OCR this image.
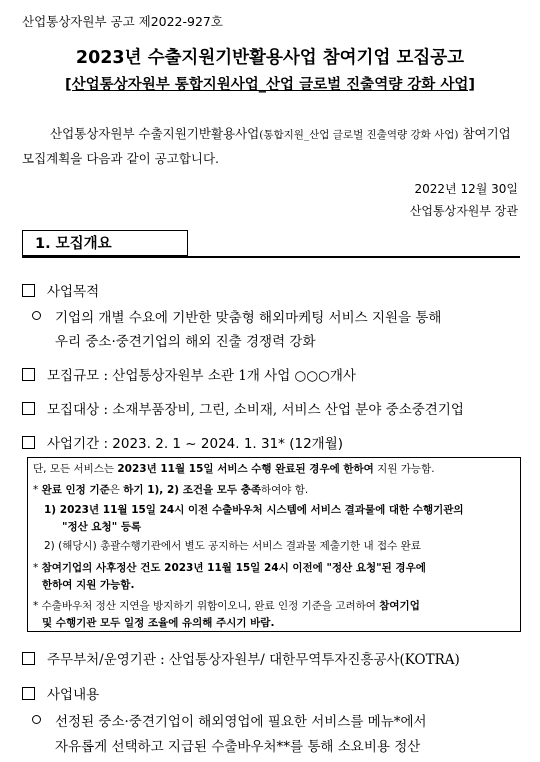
산업통상자원부 공고 제2022-927호
2023년 수출지원기반활용사업 참여기업 모집공고
[산업통상자원부 통합지원사업_산업 글로벌 진출역량 강화 사업]
산업통상자원부 수출지원기반활용사업(통합지원_산업 글로벌 진출역량 강화 사업) 참여기업 모집계획을 다음과 같이 공고합니다.
2022년 12월 30일
산업통상자원부 장관
1. 모집개요
사업목적
기업의 개별 수요에 기반한 맞춤형 해외마케팅 서비스 지원을 통해
우리 중소·중견기업의 해외 진출 경쟁력 강화
모집규모 : 산업통상자원부 소관 1개 사업 ○○○개사
모집대상 : 소재부품장비, 그린, 소비재, 서비스 산업 분야 중소중견기업
사업기간 : 2023. 2. 1 ~ 2024. 1. 31* (12개월)
단, 모든 서비스는 2023년 11월 15일 서비스 수행 완료된 경우에 한하여 지원 가능함.
* 완료 인정 기준은 하기 1), 2) 조건을 모두 충족하여야 함.
1) 2023년 11월 15일 24시 이전 수출바우처 시스템에 서비스 결과물에 대한 수행기관의
"정산 요청" 등록
2) (해당시) 총괄수행기관에서 별도 공지하는 서비스 결과물 제출기한 내 접수 완료
* 참여기업의 사후정산 건도 2023년 11월 15일 24시 이전에 "정산 요청"된 경우에
한하여 지원 가능함.
* 수출바우처 정산 지연을 방지하기 위함이오니, 완료 인정 기준을 고려하여 참여기업
및 수행기관 모두 일정 조율에 유의해 주시기 바람.
주무부처/운영기관 : 산업통상자원부/ 대한무역투자진흥공사(KOTRA)
사업내용
선정된 중소·중견기업이 해외영업에 필요한 서비스를 메뉴*에서
자유롭게 선택하고 지급된 수출바우처**를 통해 소요비용 정산
